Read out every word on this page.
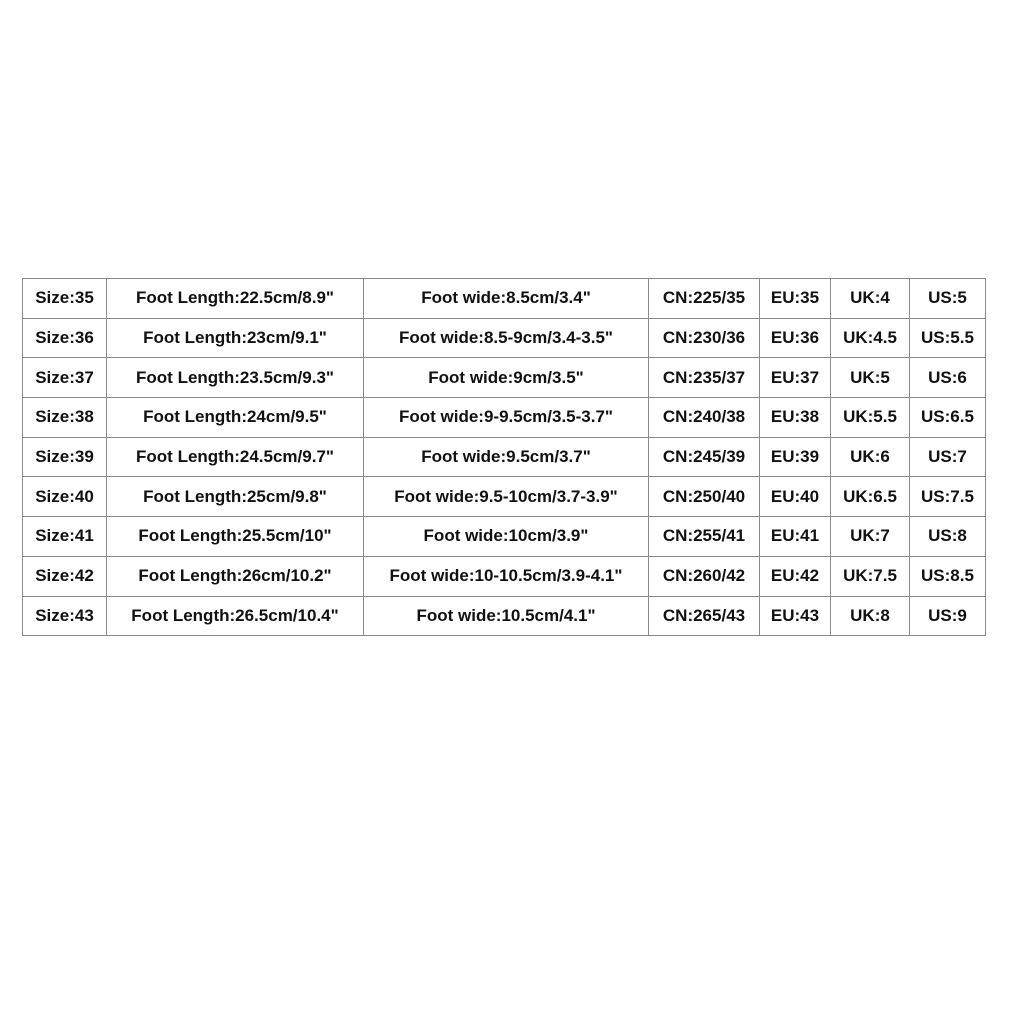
Size:35	Foot Length:22.5cm/8.9"	Foot wide:8.5cm/3.4"	CN:225/35	EU:35	UK:4	US:5
Size:36	Foot Length:23cm/9.1"	Foot wide:8.5-9cm/3.4-3.5"	CN:230/36	EU:36	UK:4.5	US:5.5
Size:37	Foot Length:23.5cm/9.3"	Foot wide:9cm/3.5"	CN:235/37	EU:37	UK:5	US:6
Size:38	Foot Length:24cm/9.5"	Foot wide:9-9.5cm/3.5-3.7"	CN:240/38	EU:38	UK:5.5	US:6.5
Size:39	Foot Length:24.5cm/9.7"	Foot wide:9.5cm/3.7"	CN:245/39	EU:39	UK:6	US:7
Size:40	Foot Length:25cm/9.8"	Foot wide:9.5-10cm/3.7-3.9"	CN:250/40	EU:40	UK:6.5	US:7.5
Size:41	Foot Length:25.5cm/10"	Foot wide:10cm/3.9"	CN:255/41	EU:41	UK:7	US:8
Size:42	Foot Length:26cm/10.2"	Foot wide:10-10.5cm/3.9-4.1"	CN:260/42	EU:42	UK:7.5	US:8.5
Size:43	Foot Length:26.5cm/10.4"	Foot wide:10.5cm/4.1"	CN:265/43	EU:43	UK:8	US:9
